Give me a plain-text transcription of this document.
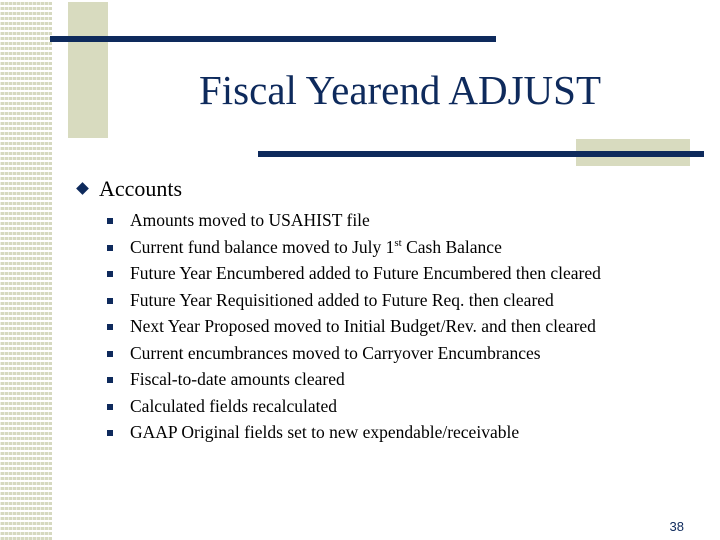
Fiscal Yearend ADJUST
Accounts
Amounts moved to USAHIST file
Current fund balance moved to July 1st Cash Balance
Future Year Encumbered added to Future Encumbered then cleared
Future Year Requisitioned added to Future Req. then cleared
Next Year Proposed moved to Initial Budget/Rev. and then cleared
Current encumbrances moved to Carryover Encumbrances
Fiscal-to-date amounts cleared
Calculated fields recalculated
GAAP Original fields set to new expendable/receivable
38
